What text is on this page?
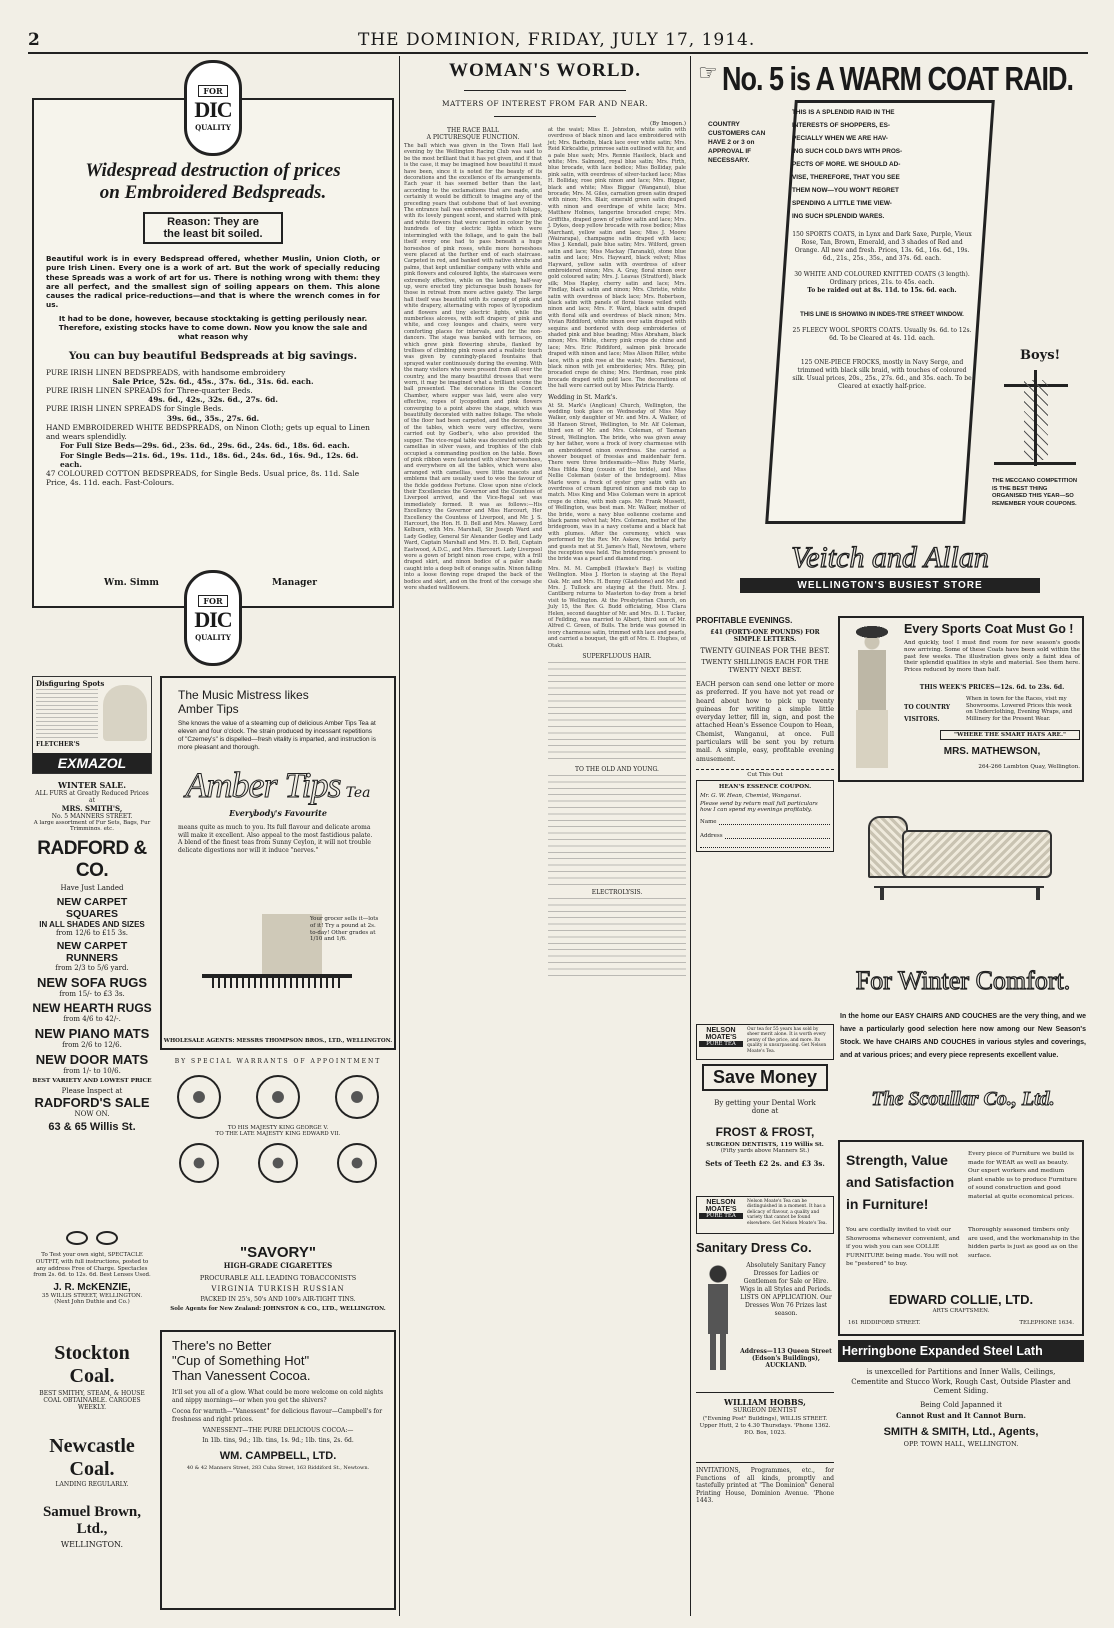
2	THE DOMINION, FRIDAY, JULY 17, 1914.
Widespread destruction of prices
on Embroidered Bedspreads.
Reason: They are
the least bit soiled.
Beautiful work is in every Bedspread offered, whether Muslin, Union Cloth, or pure Irish Linen. Every one is a work of art. But the work of specially reducing these Spreads was a work of art for us. There is nothing wrong with them: they are all perfect, and the smallest sign of soiling appears on them. This alone causes the radical price-reductions—and that is where the wrench comes in for us.
It had to be done, however, because stocktaking is getting perilously near. Therefore, existing stocks have to come down. Now you know the sale and what reason why
You can buy beautiful Bedspreads at big savings.
PURE IRISH LINEN BEDSPREADS, with handsome embroidery
Sale Price, 52s. 6d., 45s., 37s. 6d., 31s. 6d. each.
PURE IRISH LINEN SPREADS for Three-quarter Beds.
49s. 6d., 42s., 32s. 6d., 27s. 6d.
PURE IRISH LINEN SPREADS for Single Beds.
39s. 6d., 35s., 27s. 6d.
HAND EMBROIDERED WHITE BEDSPREADS, on Ninon Cloth; gets up equal to Linen and wears splendidly.
For Full Size Beds—29s. 6d., 23s. 6d., 29s. 6d., 24s. 6d., 18s. 6d. each.
For Single Beds—21s. 6d., 19s. 11d., 18s. 6d., 24s. 6d., 16s. 9d., 12s. 6d. each.
47 COLOURED COTTON BEDSPREADS, for Single Beds. Usual price, 8s. 11d. Sale Price, 4s. 11d. each. Fast-Colours.
Wm. Simm	Manager
FOR
DIC
QUALITY
FOR
DIC
QUALITY
Disfiguring Spots
FLETCHER'S
EXMAZOL
WINTER SALE.
ALL FURS at Greatly Reduced Prices at
MRS. SMITH'S,
No. 5 MANNERS STREET.
A large assortment of Fur Sets, Bags, Fur Trimmings, etc.
RADFORD & CO.
Have Just Landed
NEW CARPET SQUARES
IN ALL SHADES AND SIZES
from 12/6 to £15 3s.
NEW CARPET RUNNERS
from 2/3 to 5/6 yard.
NEW SOFA RUGS
from 15/- to £3 3s.
NEW HEARTH RUGS
from 4/6 to 42/-.
NEW PIANO MATS
from 2/6 to 12/6.
NEW DOOR MATS
from 1/- to 10/6.
BEST VARIETY AND LOWEST PRICE
Please Inspect at
RADFORD'S SALE
NOW ON.
63 & 65 Willis St.
To Test your own sight, SPECTACLE OUTFIT, with full instructions, posted to any address Free of Charge. Spectacles from 2s. 6d. to 12s. 6d. Best Lenses Used.
J. R. McKENZIE,
35 WILLIS STREET, WELLINGTON.
(Next John Duthie and Co.)
Stockton Coal.
BEST SMITHY, STEAM, & HOUSE COAL OBTAINABLE. CARGOES WEEKLY.
Newcastle Coal.
LANDING REGULARLY.
Samuel Brown, Ltd.,
WELLINGTON.
The Music Mistress likes
Amber Tips
She knows the value of a steaming cup of delicious Amber Tips Tea at eleven and four o'clock. The strain produced by incessant repetitions of "Czerney's" is dispelled—fresh vitality is imparted, and instruction is more pleasant and thorough.
Amber Tips Tea
Everybody's Favourite
means quite as much to you. Its full flavour and delicate aroma will make it excellent. Also appeal to the most fastidious palate. A blend of the finest teas from Sunny Ceylon, it will not trouble delicate digestions nor will it induce "nerves."
Your grocer sells it—lots of it! Try a pound at 2s. to-day! Other grades at 1/10 and 1/6.
WHOLESALE AGENTS: MESSRS THOMPSON BROS., LTD., WELLINGTON.
BY SPECIAL WARRANTS OF APPOINTMENT
TO HIS MAJESTY KING GEORGE V.
TO THE LATE MAJESTY KING EDWARD VII.
"SAVORY"
HIGH-GRADE CIGARETTES
PROCURABLE ALL LEADING TOBACCONISTS
VIRGINIA TURKISH RUSSIAN
PACKED IN 25's, 50's AND 100's AIR-TIGHT TINS.
Sole Agents for New Zealand: JOHNSTON & CO., LTD., WELLINGTON.
There's no Better
"Cup of Something Hot"
Than Vanessent Cocoa.
It'll set you all of a glow. What could be more welcome on cold nights and nippy mornings—or when you get the shivers?
Cocoa for warmth—"Vanessent" for delicious flavour—Campbell's for freshness and right prices.
VANESSENT—THE PURE DELICIOUS COCOA:—
In 1lb. tins, 9d.; 1lb. tins, 1s. 9d.; 1lb. tins, 2s. 6d.
WM. CAMPBELL, LTD.
40 & 42 Manners Street, 283 Cuba Street, 163 Riddiford St., Newtown.
WOMAN'S WORLD.
MATTERS OF INTEREST FROM FAR AND NEAR.
THE RACE BALL
A PICTURESQUE FUNCTION.
The ball which was given in the Town Hall last evening by the Wellington Racing Club was said to be the most brilliant that it has yet given, and if that is the case, it may be imagined how beautiful it must have been, since it is noted for the beauty of its decorations and the excellence of its arrangements. Each year it has seemed better than the last, according to the exclamations that are made, and certainly it would be difficult to imagine any of the preceding years that outshone that of last evening. The entrance hall was embowered with lush foliage, with its lovely pungent scent, and starred with pink and white flowers that were carried in colour by the hundreds of tiny electric lights which were intermingled with the foliage, and to gain the ball itself every one had to pass beneath a huge horseshoe of pink roses, while more horseshoes were placed at the further end of each staircase. Carpeted in red, and banked with native shrubs and palms, that kept unfamiliar company with white and pink flowers and coloured lights, the staircases were extremely effective, while on the landing, half-way up, were erected tiny picturesque bush houses for those in retreat from more active gaiety. The large hall itself was beautiful with its canopy of pink and white drapery, alternating with ropes of lycopodium and flowers and tiny electric lights, while the numberless alcoves, with soft drapery of pink and white, and cosy lounges and chairs, were very comforting places for intervals, and for the non-dancers. The stage was banked with terraces, on which grew pink flowering shrubs, flanked by trellises of climbing pink roses and a realistic touch was given by cunningly-placed fountains that sprayed water continuously during the evening. With the many visitors who were present from all over the country, and the many beautiful dresses that were worn, it may be imagined what a brilliant scene the ball presented. The decorations in the Concert Chamber, where supper was laid, were also very effective, ropes of lycopodium and pink flowers converging to a point above the stage, which was beautifully decorated with native foliage. The whole of the floor had been carpeted, and the decorations of the tables, which were very effective, were carried out by Godber's, who also provided the supper. The vice-regal table was decorated with pink camellias in silver vases, and trophies of the club occupied a commanding position on the table. Bows of pink ribbon were fastened with silver horseshoes, and everywhere on all the tables, which were also arranged with camellias, were little mascots and emblems that are usually used to woo the favour of the fickle goddess Fortune. Close upon nine o'clock their Excellencies the Governor and the Countess of Liverpool arrived, and the Vice-Regal set was immediately formed. It was as follows:—His Excellency the Governor and Miss Harcourt, Her Excellency the Countess of Liverpool, and Mr. J. S. Harcourt, the Hon. H. D. Bell and Mrs. Massey, Lord Kelburn, with Mrs. Marshall, Sir Joseph Ward and Lady Godley, General Sir Alexander Godley and Lady Ward, Captain Marshall and Mrs. H. D. Bell, Captain Eastwood, A.D.C., and Mrs. Harcourt. Lady Liverpool wore a gown of bright ninon rose crepe, with a frill draped skirt, and ninon bodice of a paler shade caught into a deep belt of orange satin. Ninon falling into a loose flowing rope draped the back of the bodice and skirt, and on the front of the corsage she wore shaded wallflowers.
(By Imogen.)
at the waist; Miss E. Johnston, white satin with overdress of black ninon and lace embroidered with jet; Mrs. Barbolin, black lace over white satin; Mrs. Reid Kirkcaldie, primrose satin outlined with fur, and a pale blue sash; Mrs. Rennie Hasileck, black and white; Mrs. Salmond, royal blue satin; Mrs. Firth, blue brocade, with lace bodice; Miss Bolliday, pale pink satin, with overdress of silver-tucked lace; Miss H. Bolliday, rose pink ninon and lace; Mrs. Biggar, black and white; Miss Biggar (Wanganui), blue brocade; Mrs. M. Giles, carnation green satin draped with ninon; Mrs. Blair, emerald green satin draped with ninon and overdrape of white lace; Mrs. Matthew Holmes, tangerine brocaded crepe; Mrs. Griffiths, draped gown of yellow satin and lace; Mrs. J. Dykes, deep yellow brocade with rose bodice; Miss Marchant, yellow satin and lace; Miss J. Moore (Wairarapa), champagne satin draped with lace; Miss J. Kendall, pale blue satin; Mrs. Wilford, green satin and lace; Miss Mackay (Taranaki), stone blue satin and lace; Mrs. Hayward, black velvet; Miss Hayward, yellow satin with overdress of silver embroidered ninon; Mrs. A. Gray, floral ninon over gold coloured satin; Mrs. J. Leavas (Stratford), black silk; Miss Hapley, cherry satin and lace; Mrs. Findlay, black satin and ninon; Mrs. Christie, white satin with overdress of black lace; Mrs. Robertson, black satin with panels of floral tissue veiled with ninon and lace; Mrs. F. Ward, black satin draped with floral silk and overdress of black ninon; Mrs. Vivian Riddiford, white ninon over satin draped with sequins and bordered with deep embroideries of shaded pink and blue beading; Miss Abraham, black ninon; Mrs. White, cherry pink crepe de chine and lace; Mrs. Eric Riddiford, salmon pink brocade draped with ninon and lace; Miss Alison Riller, white lace, with a pink rose at the waist; Mrs. Barnicoat, black ninon with jet embroideries; Mrs. Riley, pin brocaded crepe de chine; Mrs. Herdman, rose pink brocade draped with gold lace. The decorations of the hall were carried out by Miss Patricia Hardy.
Wedding in St. Mark's.
At St. Mark's (Anglican) Church, Wellington, the wedding took place on Wednesday of Miss May Walker, only daughter of Mr. and Mrs. A. Walker, of 38 Hanson Street, Wellington, to Mr. Alf Coleman, third son of Mr. and Mrs. Coleman, of Tasman Street, Wellington. The bride, who was given away by her father, wore a frock of ivory charmeuse with an embroidered ninon overdress. She carried a shower bouquet of freesias and maidenhair fern. There were three bridesmaids—Miss Ruby Marle, Miss Hilda King (cousin of the bride), and Miss Nellie Coleman (sister of the bridegroom). Miss Marle wore a frock of oyster grey satin with an overdress of cream figured ninon and mob cap to match. Miss King and Miss Coleman were in apricot crepe de chine, with mob caps. Mr. Frank Mussett, of Wellington, was best man. Mr. Walker, mother of the bride, wore a navy blue eolienne costume and black panne velvet hat; Mrs. Coleman, mother of the bridegroom, was in a navy costume and a black hat with plumes. After the ceremony, which was performed by the Rev. Mr. Askew, the bridal party and guests met at St. James's Hall, Newtown, where the reception was held. The bridegroom's present to the bride was a pearl and diamond ring.
Mrs. M. M. Campbell (Hawke's Bay) is visiting Wellington. Miss J. Horton is staying at the Royal Oak. Mr. and Mrs. H. Bunny (Gladstone) and Mr. and Mrs. J. Tullock are staying at the Hutt. Mrs. J. Cantlberg returns to Masterton to-day from a brief visit to Wellington. At the Presbyterian Church, on July 15, the Rev. G. Budd officiating, Miss Clara Helen, second daughter of Mr. and Mrs. D. I. Tucker, of Feilding, was married to Albert, third son of Mr. Alfred C. Green, of Bulls. The bride was gowned in ivory charmeuse satin, trimmed with lace and pearls, and carried a bouquet, the gift of Mrs. E. Hughes, of Otaki.
SUPERFLUOUS HAIR.
TO THE OLD AND YOUNG.
ELECTROLYSIS.
☞ No. 5 is A WARM COAT RAID.
COUNTRY CUSTOMERS CAN HAVE 2 or 3 on APPROVAL IF NECESSARY.
THIS IS A SPLENDID RAID IN THE
INTERESTS OF SHOPPERS, ES-
PECIALLY WHEN WE ARE HAV-
ING SUCH COLD DAYS WITH PROS-
PECTS OF MORE. WE SHOULD AD-
VISE, THEREFORE, THAT YOU SEE
THEM NOW—YOU WON'T REGRET
SPENDING A LITTLE TIME VIEW-
ING SUCH SPLENDID WARES.
150 SPORTS COATS, in Lynx and Dark Saxe, Purple, Vieux Rose, Tan, Brown, Emerald, and 3 shades of Red and Orange. All new and fresh. Prices, 13s. 6d., 16s. 6d., 19s. 6d., 21s., 25s., 35s., and 37s. 6d. each.
30 WHITE AND COLOURED KNITTED COATS (3 length). Ordinary prices, 21s. to 45s. each.
To be raided out at 8s. 11d. to 15s. 6d. each.
THIS LINE IS SHOWING IN INDES-TRE STREET WINDOW.
25 FLEECY WOOL SPORTS COATS. Usually 9s. 6d. to 12s. 6d. To be Cleared at 4s. 11d. each.
125 ONE-PIECE FROCKS, mostly in Navy Serge, and trimmed with black silk braid, with touches of coloured silk. Usual prices, 20s., 25s., 27s. 6d., and 35s. each. To be Cleared at exactly half-price.
Boys!
THE MECCANO COMPETITION IS THE BEST THING ORGANISED THIS YEAR—SO REMEMBER YOUR COUPONS.
Veitch and Allan
WELLINGTON'S BUSIEST STORE
PROFITABLE EVENINGS.
£41 (FORTY-ONE POUNDS) FOR SIMPLE LETTERS.
TWENTY GUINEAS FOR THE BEST.
TWENTY SHILLINGS EACH FOR THE TWENTY NEXT BEST.
EACH person can send one letter or more as preferred. If you have not yet read or heard about how to pick up twenty guineas for writing a simple little everyday letter, fill in, sign, and post the attached Hean's Essence Coupon to Hean, Chemist, Wanganui, at once. Full particulars will be sent you by return mail. A simple, easy, profitable evening amusement.
Cut This Out
HEAN'S ESSENCE COUPON.
Mr. G. W. Hean, Chemist, Wanganui.
Please send by return mail full particulars how I can spend my evenings profitably.
Name
Address
NELSON
MOATE'S
PURE TEA
Our tea for 55 years has sold by sheer merit alone. It is worth every penny of the price, and more. Its quality is unsurpassing. Get Nelson Moate's Tea.
Save Money
By getting your Dental Work done at
FROST & FROST,
SURGEON DENTISTS, 119 Willis St.
(Fifty yards above Manners St.)
Sets of Teeth £2 2s. and £3 3s.
NELSON
MOATE'S
PURE TEA
Nelson Moate's Tea can be distinguished in a moment. It has a delicacy of flavour, a quality and variety that cannot be found elsewhere. Get Nelson Moate's Tea.
Sanitary Dress Co.
Absolutely Sanitary Fancy Dresses for Ladies or Gentlemen for Sale or Hire. Wigs in all Styles and Periods. LISTS ON APPLICATION. Our Dresses Won 76 Prizes last season.
Address—113 Queen Street (Edson's Buildings), AUCKLAND.
WILLIAM HOBBS,
SURGEON DENTIST
("Evening Post" Buildings), WILLIS STREET. Upper Hutt, 2 to 4.30 Thursdays. 'Phone 1362. P.O. Box, 1023.
INVITATIONS, Programmes, etc., for Functions of all kinds, promptly and tastefully printed at "The Dominion" General Printing House, Dominion Avenue. 'Phone 1443.
Every Sports Coat Must Go !
And quickly, too! I must find room for new season's goods now arriving. Some of these Coats have been sold within the past few weeks. The illustration gives only a faint idea of their splendid qualities in style and material. See them here. Prices reduced by more than half.
THIS WEEK'S PRICES—12s. 6d. to 23s. 6d.
TO COUNTRY VISITORS.
When in town for the Races, visit my Showrooms. Lowered Prices this week on Underclothing, Evening Wraps, and Millinery for the Present Wear.
"WHERE THE SMART HATS ARE."
MRS. MATHEWSON,
264-266 Lambton Quay, Wellington.
For Winter Comfort.
In the home our EASY CHAIRS AND COUCHES are the very thing, and we have a particularly good selection here now among our New Season's Stock. We have CHAIRS AND COUCHES in various styles and coverings, and at various prices; and every piece represents excellent value.
The Scoullar Co., Ltd.
Strength, Value
and Satisfaction
in Furniture!
Every piece of Furniture we build is made for WEAR as well as beauty. Our expert workers and medium plant enable us to produce Furniture of sound construction and good material at quite economical prices.
You are cordially invited to visit our Showrooms whenever convenient, and if you wish you can see COLLIE FURNITURE being made. You will not be "pestered" to buy.
Thoroughly seasoned timbers only are used, and the workmanship in the hidden parts is just as good as on the surface.
EDWARD COLLIE, LTD.
ARTS CRAFTSMEN.
161 RIDDIFORD STREET.	TELEPHONE 1634.
Herringbone Expanded Steel Lath
is unexcelled for Partitions and Inner Walls, Ceilings, Cementite and Stucco Work, Rough Cast, Outside Plaster and Cement Siding.
Being Cold Japanned it
Cannot Rust and It Cannot Burn.
SMITH & SMITH, Ltd., Agents,
OPP. TOWN HALL, WELLINGTON.
